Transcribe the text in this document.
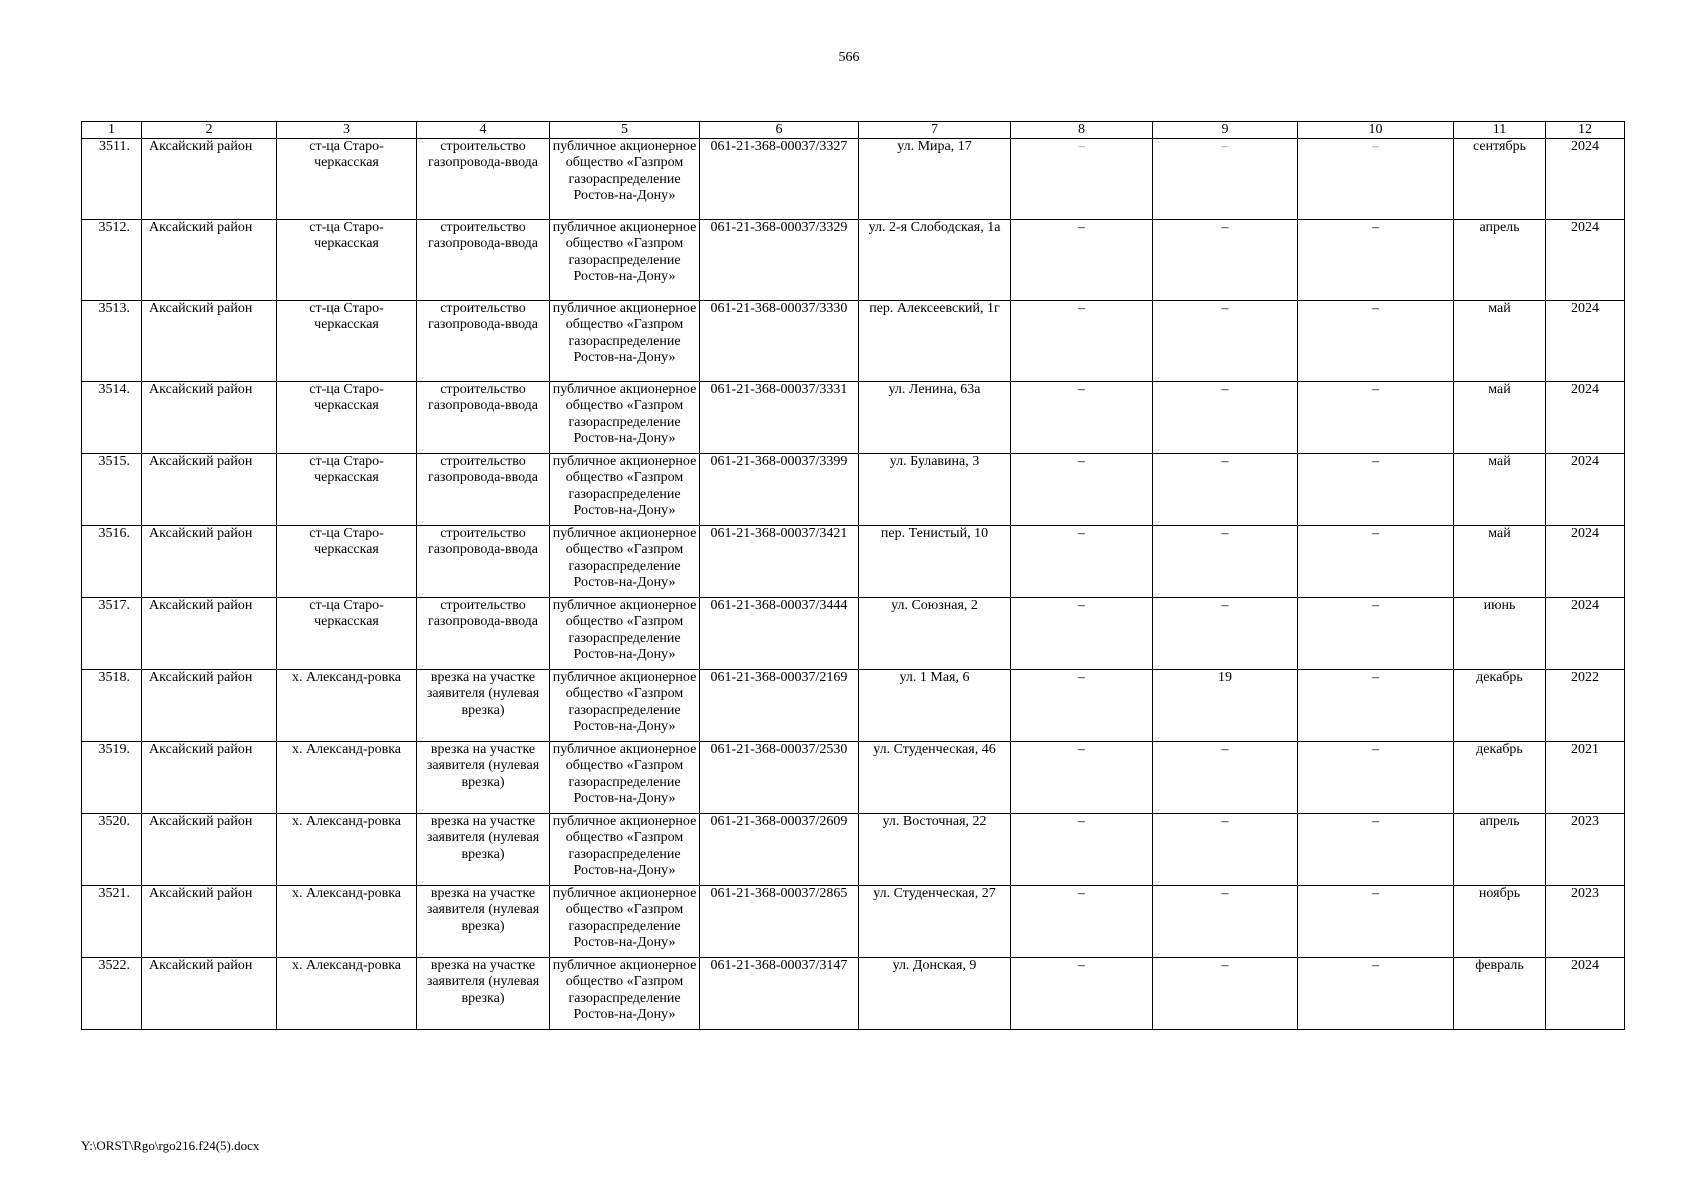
566
1	2	3	4	5	6	7	8	9	10	11	12
3511.	Аксайский район	ст-ца Старо-черкасская	строительство газопровода-ввода	публичное акционерное общество «Газпром газораспределение Ростов-на-Дону»	061-21-368-00037/3327	ул. Мира, 17	–	–	–	сентябрь	2024
3512.	Аксайский район	ст-ца Старо-черкасская	строительство газопровода-ввода	публичное акционерное общество «Газпром газораспределение Ростов-на-Дону»	061-21-368-00037/3329	ул. 2-я Слободская, 1а	–	–	–	апрель	2024
3513.	Аксайский район	ст-ца Старо-черкасская	строительство газопровода-ввода	публичное акционерное общество «Газпром газораспределение Ростов-на-Дону»	061-21-368-00037/3330	пер. Алексеевский, 1г	–	–	–	май	2024
3514.	Аксайский район	ст-ца Старо-черкасская	строительство газопровода-ввода	публичное акционерное общество «Газпром газораспределение Ростов-на-Дону»	061-21-368-00037/3331	ул. Ленина, 63а	–	–	–	май	2024
3515.	Аксайский район	ст-ца Старо-черкасская	строительство газопровода-ввода	публичное акционерное общество «Газпром газораспределение Ростов-на-Дону»	061-21-368-00037/3399	ул. Булавина, 3	–	–	–	май	2024
3516.	Аксайский район	ст-ца Старо-черкасская	строительство газопровода-ввода	публичное акционерное общество «Газпром газораспределение Ростов-на-Дону»	061-21-368-00037/3421	пер. Тенистый, 10	–	–	–	май	2024
3517.	Аксайский район	ст-ца Старо-черкасская	строительство газопровода-ввода	публичное акционерное общество «Газпром газораспределение Ростов-на-Дону»	061-21-368-00037/3444	ул. Союзная, 2	–	–	–	июнь	2024
3518.	Аксайский район	х. Александ-ровка	врезка на участке заявителя (нулевая врезка)	публичное акционерное общество «Газпром газораспределение Ростов-на-Дону»	061-21-368-00037/2169	ул. 1 Мая, 6	–	19	–	декабрь	2022
3519.	Аксайский район	х. Александ-ровка	врезка на участке заявителя (нулевая врезка)	публичное акционерное общество «Газпром газораспределение Ростов-на-Дону»	061-21-368-00037/2530	ул. Студенческая, 46	–	–	–	декабрь	2021
3520.	Аксайский район	х. Александ-ровка	врезка на участке заявителя (нулевая врезка)	публичное акционерное общество «Газпром газораспределение Ростов-на-Дону»	061-21-368-00037/2609	ул. Восточная, 22	–	–	–	апрель	2023
3521.	Аксайский район	х. Александ-ровка	врезка на участке заявителя (нулевая врезка)	публичное акционерное общество «Газпром газораспределение Ростов-на-Дону»	061-21-368-00037/2865	ул. Студенческая, 27	–	–	–	ноябрь	2023
3522.	Аксайский район	х. Александ-ровка	врезка на участке заявителя (нулевая врезка)	публичное акционерное общество «Газпром газораспределение Ростов-на-Дону»	061-21-368-00037/3147	ул. Донская, 9	–	–	–	февраль	2024
Y:\ORST\Rgo\rgo216.f24(5).docx
